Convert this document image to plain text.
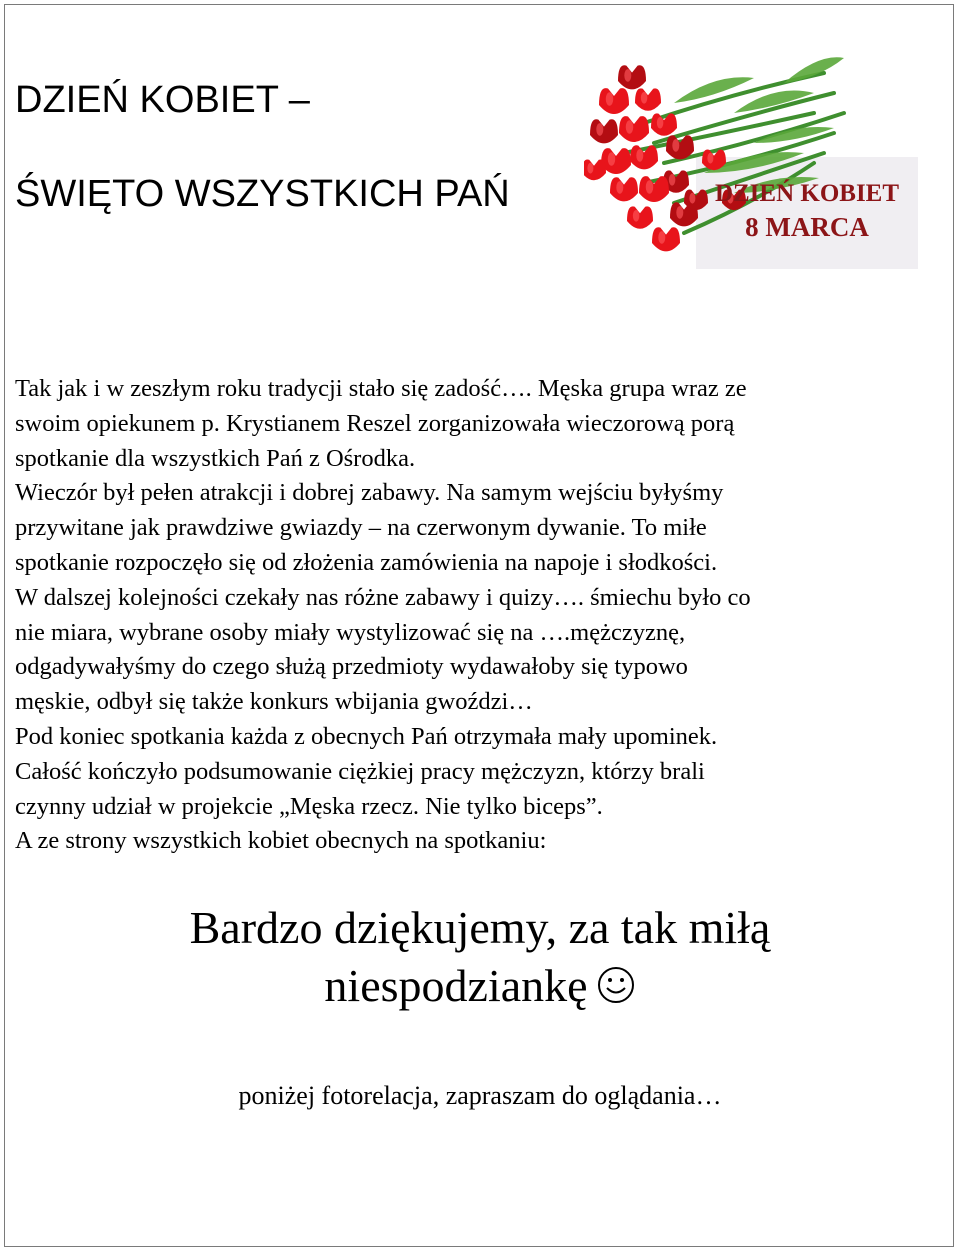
DZIEŃ KOBIET –
ŚWIĘTO WSZYSTKICH PAŃ	DZIEŃ KOBIET
8 MARCA
Tak jak i w zeszłym roku tradycji stało się zadość…. Męska grupa wraz ze
swoim opiekunem p. Krystianem Reszel zorganizowała wieczorową porą
spotkanie dla wszystkich Pań z Ośrodka.
Wieczór był pełen atrakcji i dobrej zabawy. Na samym wejściu byłyśmy
przywitane jak prawdziwe gwiazdy – na czerwonym dywanie. To miłe
spotkanie rozpoczęło się od złożenia zamówienia na napoje i słodkości.
W dalszej kolejności czekały nas różne zabawy i quizy…. śmiechu było co
nie miara, wybrane osoby miały wystylizować się na ….mężczyznę,
odgadywałyśmy do czego służą przedmioty wydawałoby się typowo
męskie, odbył się także konkurs wbijania gwoździ…
Pod koniec spotkania każda z obecnych Pań otrzymała mały upominek.
Całość kończyło podsumowanie ciężkiej pracy mężczyzn, którzy brali
czynny udział w projekcie „Męska rzecz. Nie tylko biceps”.
A ze strony wszystkich kobiet obecnych na spotkaniu:
Bardzo dziękujemy, za tak miłą
niespodziankę
poniżej fotorelacja, zapraszam do oglądania…
